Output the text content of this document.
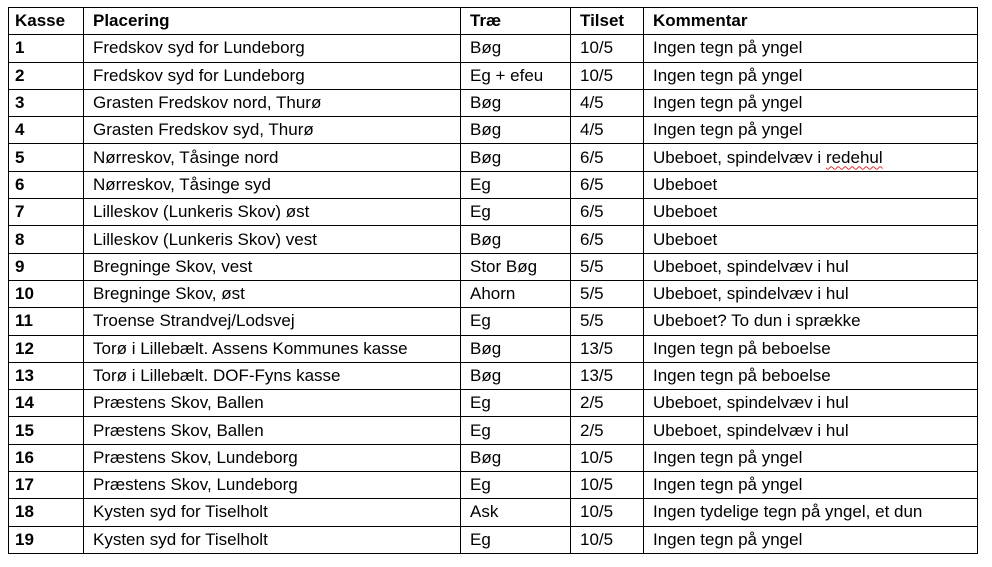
Kasse	Placering	Træ	Tilset	Kommentar
1	Fredskov syd for Lundeborg	Bøg	10/5	Ingen tegn på yngel
2	Fredskov syd for Lundeborg	Eg + efeu	10/5	Ingen tegn på yngel
3	Grasten Fredskov nord, Thurø	Bøg	4/5	Ingen tegn på yngel
4	Grasten Fredskov syd, Thurø	Bøg	4/5	Ingen tegn på yngel
5	Nørreskov, Tåsinge nord	Bøg	6/5	Ubeboet, spindelvæv i redehul
6	Nørreskov, Tåsinge syd	Eg	6/5	Ubeboet
7	Lilleskov (Lunkeris Skov) øst	Eg	6/5	Ubeboet
8	Lilleskov (Lunkeris Skov) vest	Bøg	6/5	Ubeboet
9	Bregninge Skov, vest	Stor Bøg	5/5	Ubeboet, spindelvæv i hul
10	Bregninge Skov, øst	Ahorn	5/5	Ubeboet, spindelvæv i hul
11	Troense Strandvej/Lodsvej	Eg	5/5	Ubeboet? To dun i sprække
12	Torø i Lillebælt. Assens Kommunes kasse	Bøg	13/5	Ingen tegn på beboelse
13	Torø i Lillebælt. DOF-Fyns kasse	Bøg	13/5	Ingen tegn på beboelse
14	Præstens Skov, Ballen	Eg	2/5	Ubeboet, spindelvæv i hul
15	Præstens Skov, Ballen	Eg	2/5	Ubeboet, spindelvæv i hul
16	Præstens Skov, Lundeborg	Bøg	10/5	Ingen tegn på yngel
17	Præstens Skov, Lundeborg	Eg	10/5	Ingen tegn på yngel
18	Kysten syd for Tiselholt	Ask	10/5	Ingen tydelige tegn på yngel, et dun
19	Kysten syd for Tiselholt	Eg	10/5	Ingen tegn på yngel
